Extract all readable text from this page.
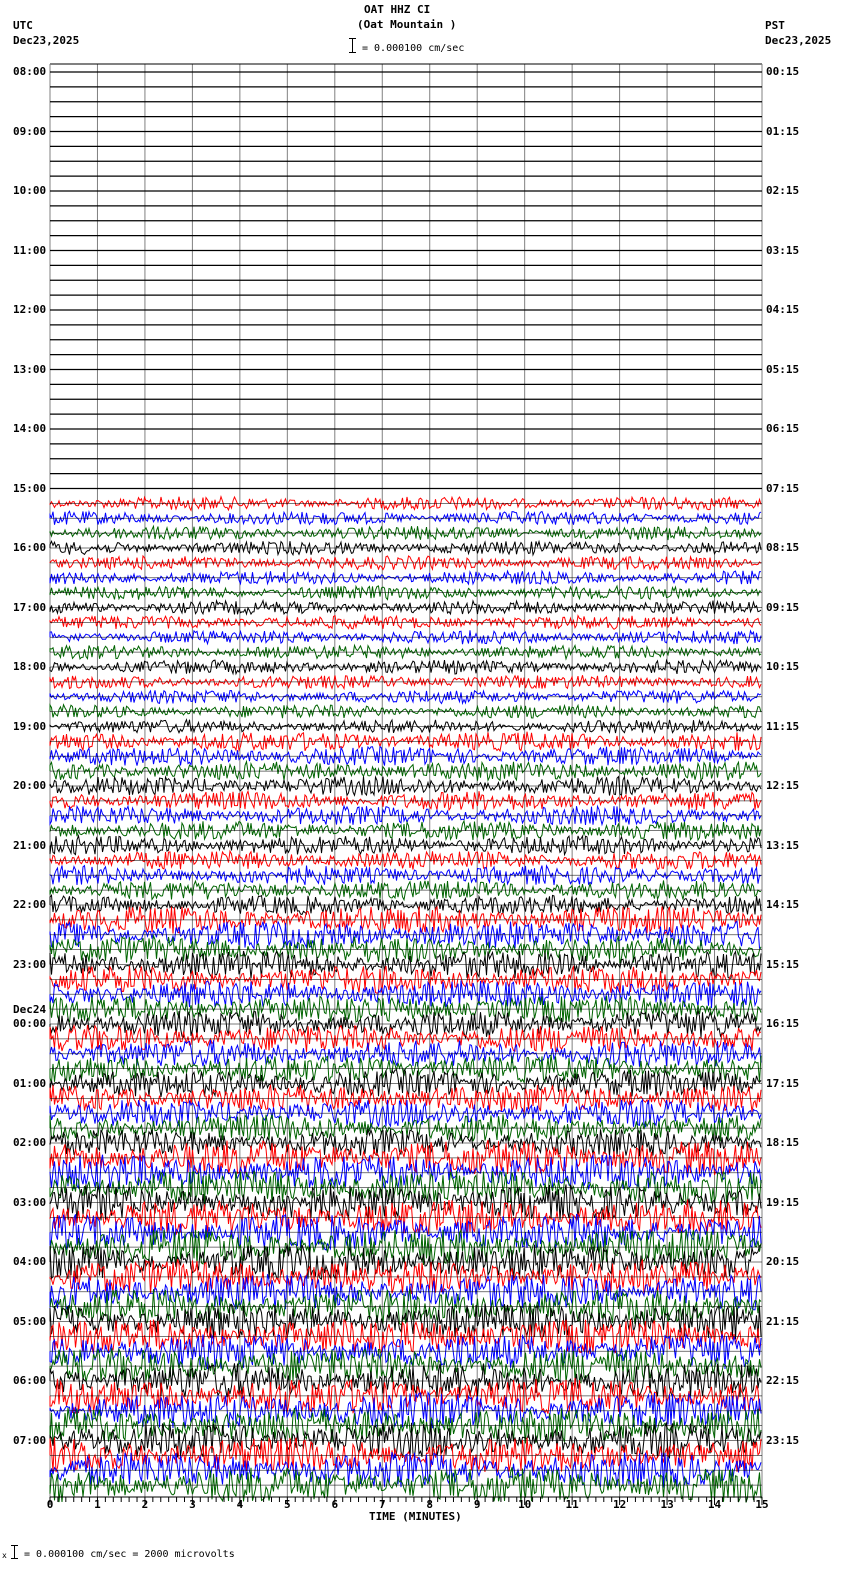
OAT HHZ CI
(Oat Mountain )
UTC
Dec23,2025
PST
Dec23,2025
= 0.000100 cm/sec
0	1	2	3	4	5	6	7	8	9	10	11	12	13	14	15
08:00
09:00
10:00
11:00
12:00
13:00
14:00
15:00
16:00
17:00
18:00
19:00
20:00
21:00
22:00
23:00
00:00
Dec24
01:00
02:00
03:00
04:00
05:00
06:00
07:00
00:15
01:15
02:15
03:15
04:15
05:15
06:15
07:15
08:15
09:15
10:15
11:15
12:15
13:15
14:15
15:15
16:15
17:15
18:15
19:15
20:15
21:15
22:15
23:15
TIME (MINUTES)
x = 0.000100 cm/sec = 2000 microvolts
